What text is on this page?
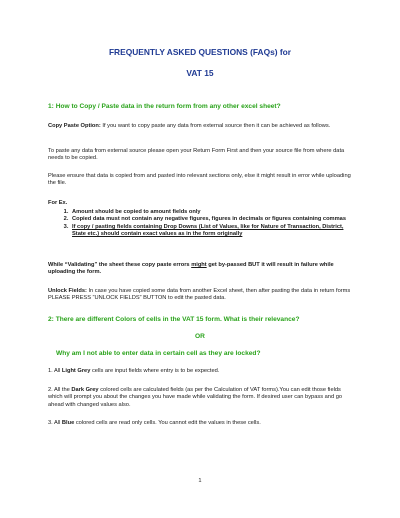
FREQUENTLY ASKED QUESTIONS (FAQs) for
VAT 15
1: How to Copy / Paste data in the return form from any other excel sheet?
Copy Paste Option: If you want to copy paste any data from external source then it can be achieved as follows.
To paste any data from external source please open your Return Form First and then your source file from where data needs to be copied.
Please ensure that data is copied from and pasted into relevant sections only, else it might result in error while uploading the file.
For Ex.
1. Amount should be copied to amount fields only
2. Copied data must not contain any negative figures, figures in decimals or figures containing commas
3. If copy / pasting fields containing Drop Downs (List of Values, like for Nature of Transaction, District, State etc.) should contain exact values as in the form originally
While “Validating” the sheet these copy paste errors might get by-passed BUT it will result in failure while uploading the form.
Unlock Fields: In case you have copied some data from another Excel sheet, then after pasting the data in return forms PLEASE PRESS “UNLOCK FIELDS” BUTTON to edit the pasted data.
2: There are different Colors of cells in the VAT 15 form. What is their relevance?
OR
Why am I not able to enter data in certain cell as they are locked?
1. All Light Grey cells are input fields where entry is to be expected.
2. All the Dark Grey colored cells are calculated fields (as per the Calculation of VAT forms).You can edit those fields which will prompt you about the changes you have made while validating the form. If desired user can bypass and go ahead with changed values also.
3. All Blue colored cells are read only cells. You cannot edit the values in these cells.
1
